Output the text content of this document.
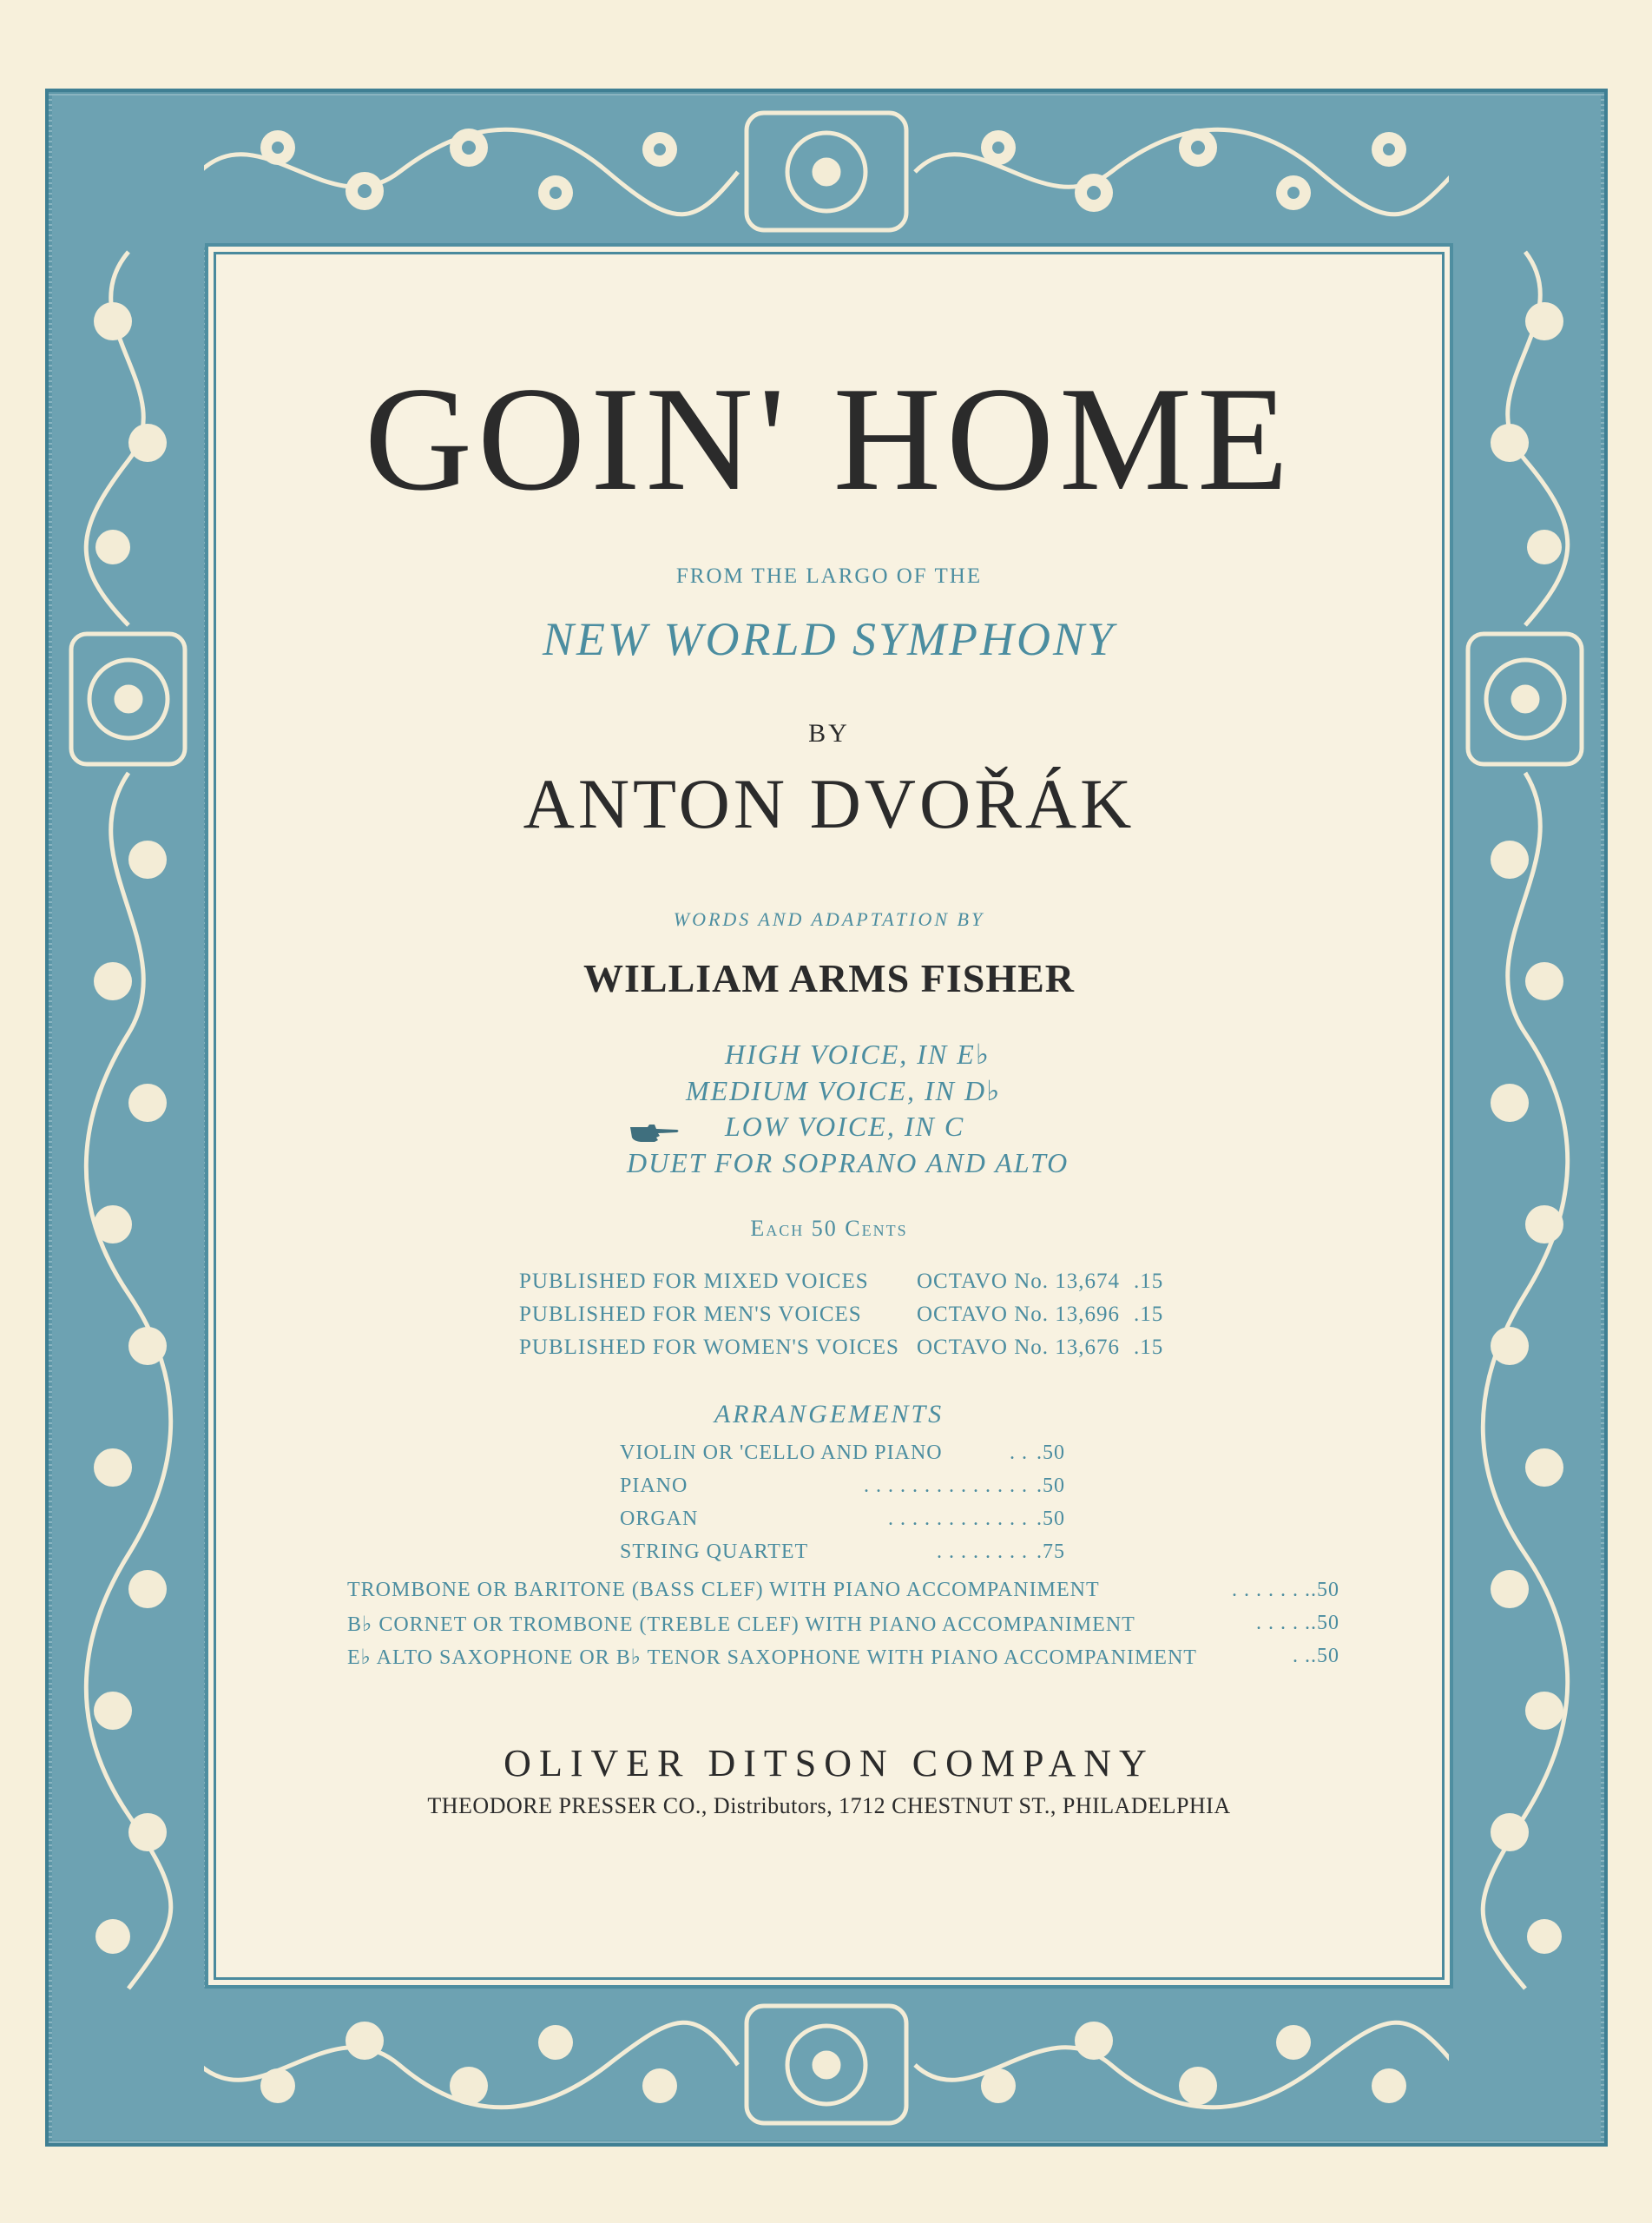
GOIN' HOME

FROM THE LARGO OF THE

NEW WORLD SYMPHONY

BY

ANTON DVOŘÁK

WORDS AND ADAPTATION BY

WILLIAM ARMS FISHER

HIGH VOICE, IN E♭
MEDIUM VOICE, IN D♭
LOW VOICE, IN C
DUET FOR SOPRANO AND ALTO

Each 50 Cents

PUBLISHED FOR MIXED VOICES OCTAVO No. 13,674 .15
PUBLISHED FOR MEN'S VOICES	OCTAVO No. 13,696 .15
PUBLISHED FOR WOMEN'S VOICES OCTAVO No. 13,676 .15

ARRANGEMENTS

VIOLIN OR 'CELLO AND PIANO	. . .50
PIANO	. . . . . . . . . . . . . . .50
ORGAN	. . . . . . . . . . . . .50
STRING QUARTET	. . . . . . . . .75
TROMBONE OR BARITONE (BASS CLEF) WITH PIANO ACCOMPANIMENT	. . . . . . . .50
B♭ CORNET OR TROMBONE (TREBLE CLEF) WITH PIANO ACCOMPANIMENT	. . . . . .50
E♭ ALTO SAXOPHONE OR B♭ TENOR SAXOPHONE WITH PIANO ACCOMPANIMENT	. . .50

OLIVER DITSON COMPANY

THEODORE PRESSER CO., Distributors, 1712 CHESTNUT ST., PHILADELPHIA
